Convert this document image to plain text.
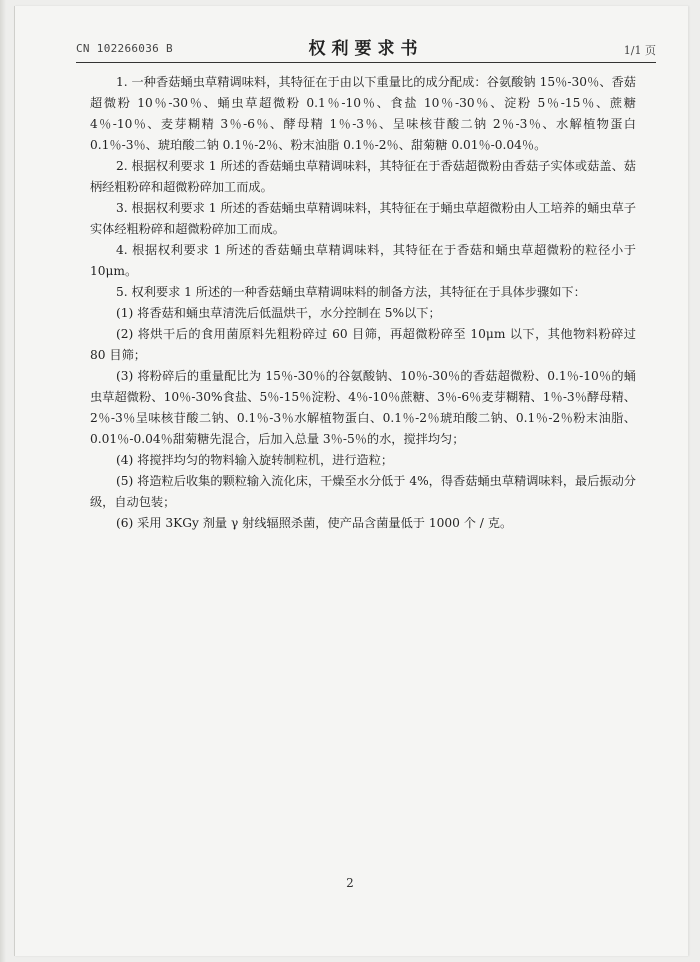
CN 102266036 B	权利要求书	1/1 页

1. 一种香菇蛹虫草精调味料，其特征在于由以下重量比的成分配成：谷氨酸钠 15％-30％、香菇超微粉 10％-30％、蛹虫草超微粉 0.1％-10％、食盐 10％-30％、淀粉 5％-15％、蔗糖 4％-10％、麦芽糊精 3％-6％、酵母精 1％-3％、呈味核苷酸二钠 2％-3％、水解植物蛋白 0.1％-3％、琥珀酸二钠 0.1％-2％、粉末油脂 0.1％-2％、甜菊糖 0.01％-0.04％。

2. 根据权利要求 1 所述的香菇蛹虫草精调味料，其特征在于香菇超微粉由香菇子实体或菇盖、菇柄经粗粉碎和超微粉碎加工而成。

3. 根据权利要求 1 所述的香菇蛹虫草精调味料，其特征在于蛹虫草超微粉由人工培养的蛹虫草子实体经粗粉碎和超微粉碎加工而成。

4. 根据权利要求 1 所述的香菇蛹虫草精调味料，其特征在于香菇和蛹虫草超微粉的粒径小于 10μm。

5. 权利要求 1 所述的一种香菇蛹虫草精调味料的制备方法，其特征在于具体步骤如下：

(1) 将香菇和蛹虫草清洗后低温烘干，水分控制在 5%以下；

(2) 将烘干后的食用菌原料先粗粉碎过 60 目筛，再超微粉碎至 10μm 以下，其他物料粉碎过 80 目筛；

(3) 将粉碎后的重量配比为 15％-30％的谷氨酸钠、10％-30％的香菇超微粉、0.1％-10％的蛹虫草超微粉、10％-30%食盐、5％-15％淀粉、4％-10％蔗糖、3％-6％麦芽糊精、1％-3％酵母精、2％-3％呈味核苷酸二钠、0.1％-3％水解植物蛋白、0.1％-2％琥珀酸二钠、0.1％-2％粉末油脂、0.01％-0.04％甜菊糖先混合，后加入总量 3％-5％的水，搅拌均匀；

(4) 将搅拌均匀的物料输入旋转制粒机，进行造粒；

(5) 将造粒后收集的颗粒输入流化床，干燥至水分低于 4%，得香菇蛹虫草精调味料，最后振动分级，自动包装；

(6) 采用 3KGy 剂量 γ 射线辐照杀菌，使产品含菌量低于 1000 个 / 克。

2
